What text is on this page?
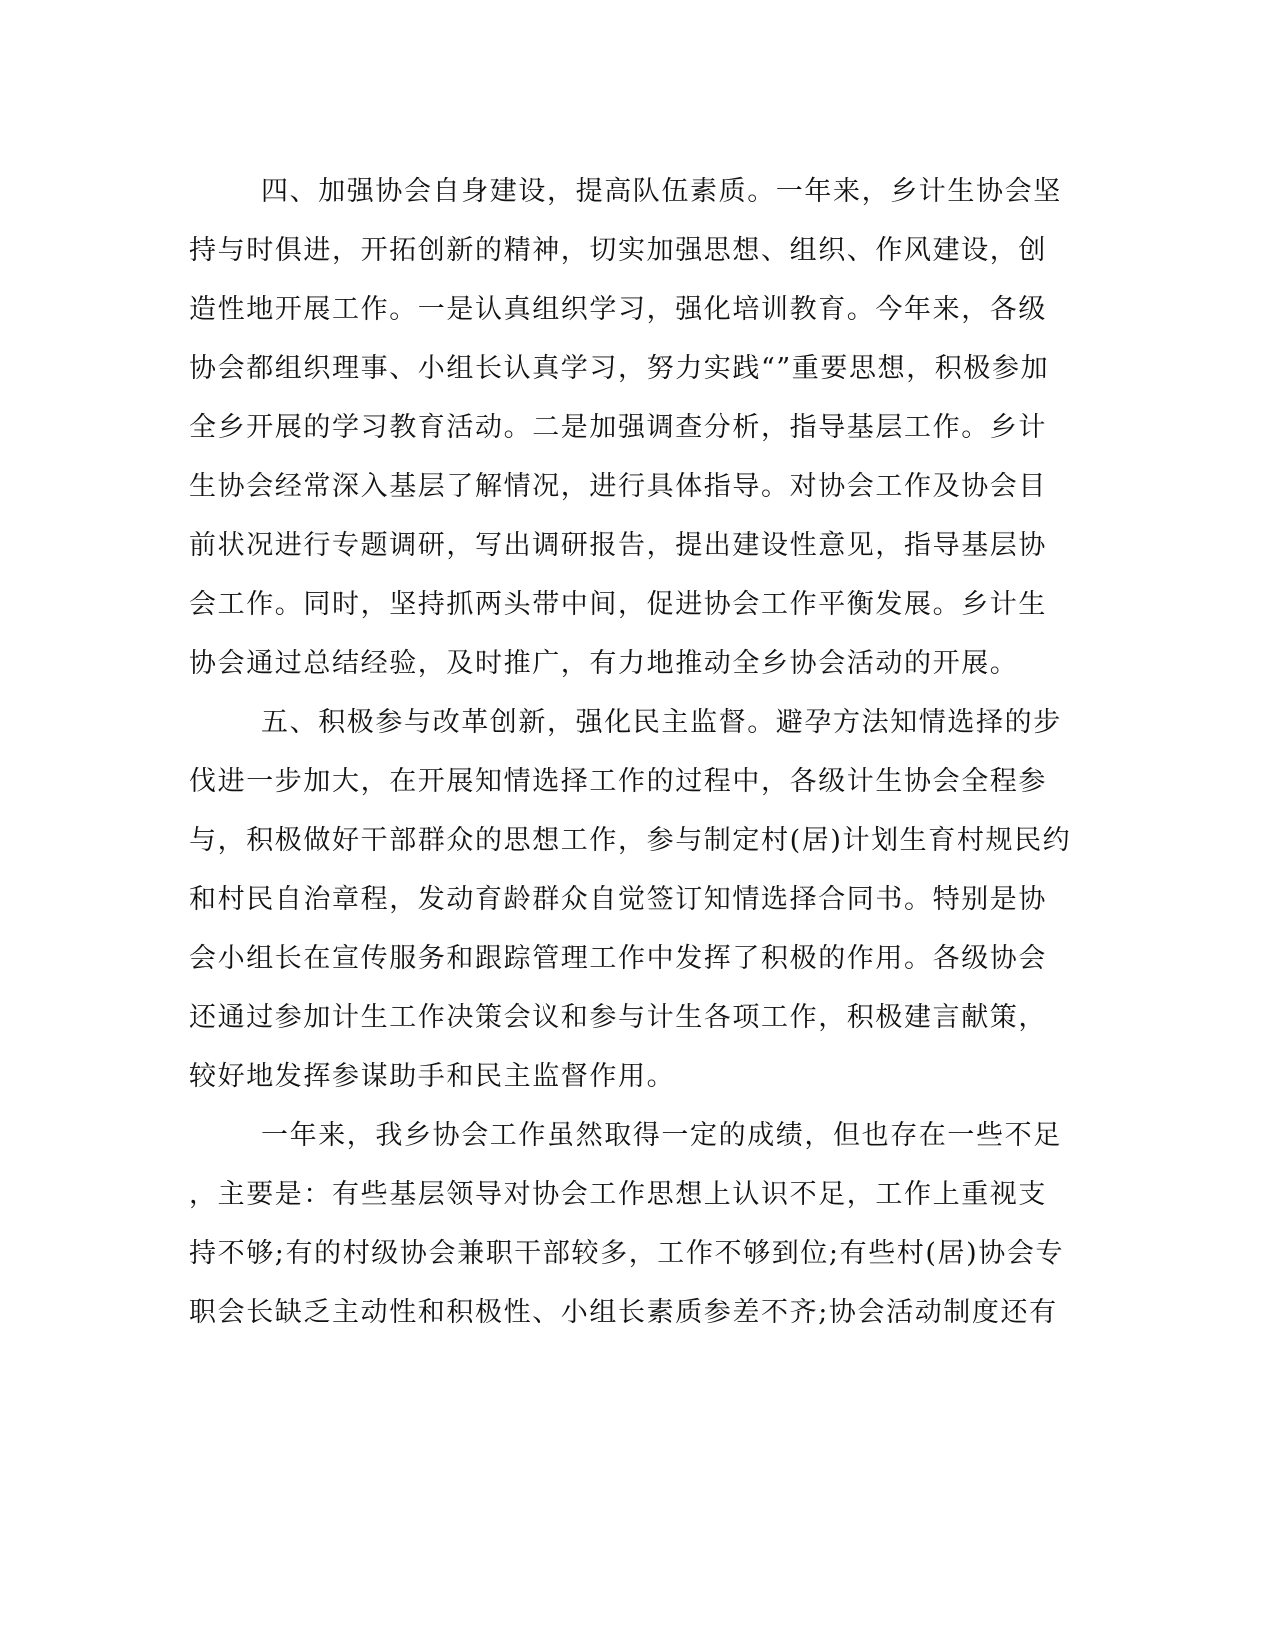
四、加强协会自身建设，提高队伍素质。一年来，乡计生协会坚
持与时俱进，开拓创新的精神，切实加强思想、组织、作风建设，创
造性地开展工作。一是认真组织学习，强化培训教育。今年来，各级
协会都组织理事、小组长认真学习，努力实践“”重要思想，积极参加
全乡开展的学习教育活动。二是加强调查分析，指导基层工作。乡计
生协会经常深入基层了解情况，进行具体指导。对协会工作及协会目
前状况进行专题调研，写出调研报告，提出建设性意见，指导基层协
会工作。同时，坚持抓两头带中间，促进协会工作平衡发展。乡计生
协会通过总结经验，及时推广，有力地推动全乡协会活动的开展。
五、积极参与改革创新，强化民主监督。避孕方法知情选择的步
伐进一步加大，在开展知情选择工作的过程中，各级计生协会全程参
与，积极做好干部群众的思想工作，参与制定村(居)计划生育村规民约
和村民自治章程，发动育龄群众自觉签订知情选择合同书。特别是协
会小组长在宣传服务和跟踪管理工作中发挥了积极的作用。各级协会
还通过参加计生工作决策会议和参与计生各项工作，积极建言献策，
较好地发挥参谋助手和民主监督作用。
一年来，我乡协会工作虽然取得一定的成绩，但也存在一些不足
，主要是：有些基层领导对协会工作思想上认识不足，工作上重视支
持不够;有的村级协会兼职干部较多，工作不够到位;有些村(居)协会专
职会长缺乏主动性和积极性、小组长素质参差不齐;协会活动制度还有
